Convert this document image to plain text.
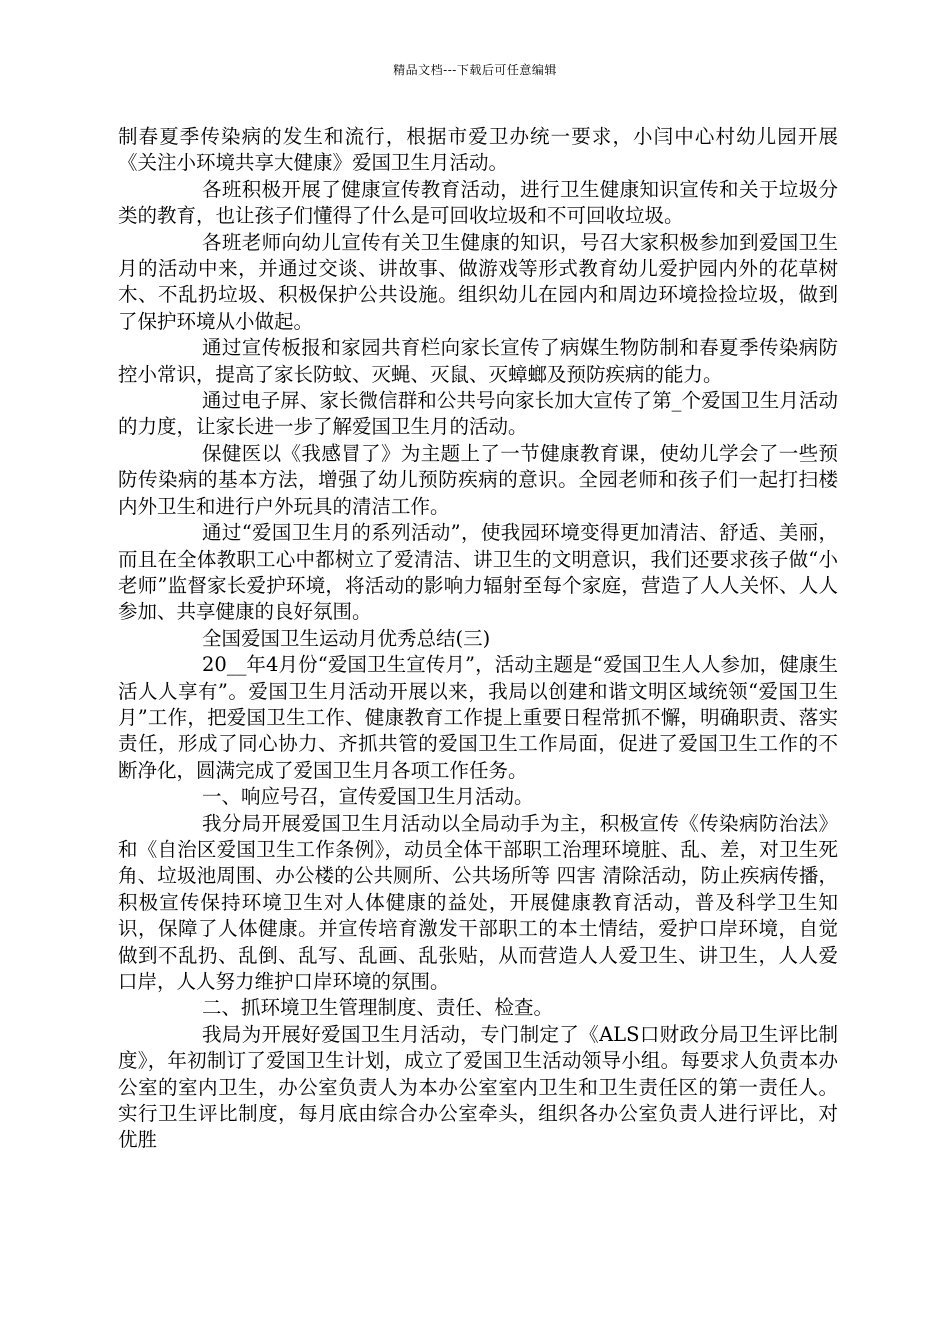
精品文档---下载后可任意编辑

制春夏季传染病的发生和流行，根据市爱卫办统一要求，小闫中心村幼儿园开展《关注小环境共享大健康》爱国卫生月活动。

各班积极开展了健康宣传教育活动，进行卫生健康知识宣传和关于垃圾分类的教育，也让孩子们懂得了什么是可回收垃圾和不可回收垃圾。

各班老师向幼儿宣传有关卫生健康的知识，号召大家积极参加到爱国卫生月的活动中来，并通过交谈、讲故事、做游戏等形式教育幼儿爱护园内外的花草树木、不乱扔垃圾、积极保护公共设施。组织幼儿在园内和周边环境捡捡垃圾，做到了保护环境从小做起。

通过宣传板报和家园共育栏向家长宣传了病媒生物防制和春夏季传染病防控小常识，提高了家长防蚊、灭蝇、灭鼠、灭蟑螂及预防疾病的能力。

通过电子屏、家长微信群和公共号向家长加大宣传了第_个爱国卫生月活动的力度，让家长进一步了解爱国卫生月的活动。

保健医以《我感冒了》为主题上了一节健康教育课，使幼儿学会了一些预防传染病的基本方法，增强了幼儿预防疾病的意识。全园老师和孩子们一起打扫楼内外卫生和进行户外玩具的清洁工作。

通过“爱国卫生月的系列活动”，使我园环境变得更加清洁、舒适、美丽，而且在全体教职工心中都树立了爱清洁、讲卫生的文明意识，我们还要求孩子做“小老师”监督家长爱护环境，将活动的影响力辐射至每个家庭，营造了人人关怀、人人参加、共享健康的良好氛围。

全国爱国卫生运动月优秀总结(三)

20__年4月份“爱国卫生宣传月”，活动主题是“爱国卫生人人参加，健康生活人人享有”。爱国卫生月活动开展以来，我局以创建和谐文明区域统领“爱国卫生月”工作，把爱国卫生工作、健康教育工作提上重要日程常抓不懈，明确职责、落实责任，形成了同心协力、齐抓共管的爱国卫生工作局面，促进了爱国卫生工作的不断净化，圆满完成了爱国卫生月各项工作任务。

一、响应号召，宣传爱国卫生月活动。

我分局开展爱国卫生月活动以全局动手为主，积极宣传《传染病防治法》和《自治区爱国卫生工作条例》，动员全体干部职工治理环境脏、乱、差，对卫生死角、垃圾池周围、办公楼的公共厕所、公共场所等 四害 清除活动，防止疾病传播，积极宣传保持环境卫生对人体健康的益处，开展健康教育活动，普及科学卫生知识，保障了人体健康。并宣传培育激发干部职工的本土情结，爱护口岸环境，自觉做到不乱扔、乱倒、乱写、乱画、乱张贴，从而营造人人爱卫生、讲卫生，人人爱口岸，人人努力维护口岸环境的氛围。

二、抓环境卫生管理制度、责任、检查。

我局为开展好爱国卫生月活动，专门制定了《ALS口财政分局卫生评比制度》，年初制订了爱国卫生计划，成立了爱国卫生活动领导小组。每要求人负责本办公室的室内卫生，办公室负责人为本办公室室内卫生和卫生责任区的第一责任人。实行卫生评比制度，每月底由综合办公室牵头，组织各办公室负责人进行评比，对优胜
